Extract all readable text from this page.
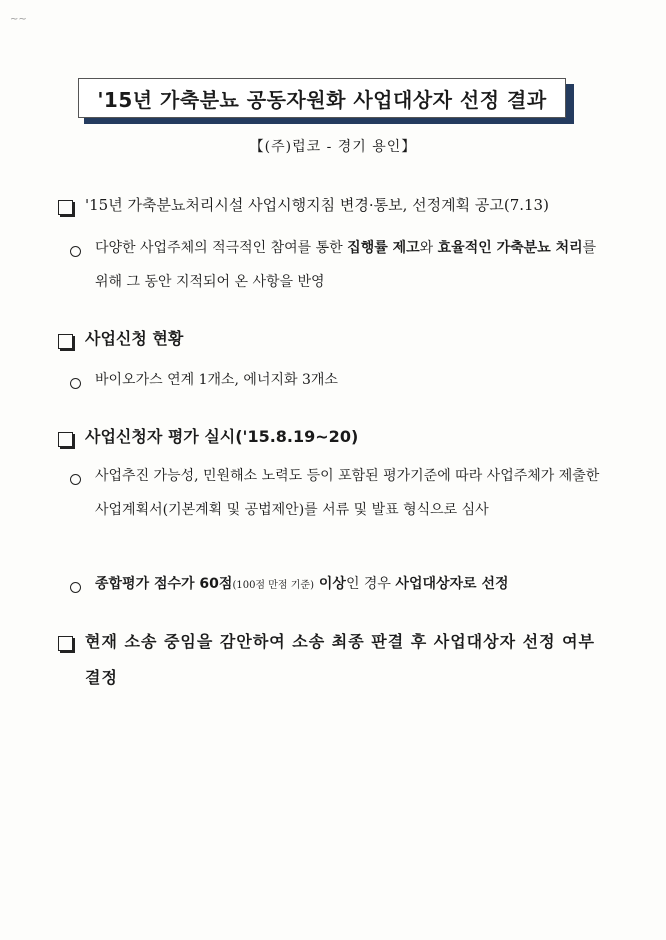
~~
'15년 가축분뇨 공동자원화 사업대상자 선정 결과
【(주)럽코 - 경기 용인】
'15년 가축분뇨처리시설 사업시행지침 변경·통보, 선정계획 공고(7.13)
다양한 사업주체의 적극적인 참여를 통한 집행률 제고와 효율적인 가축분뇨 처리를 위해 그 동안 지적되어 온 사항을 반영
사업신청 현황
바이오가스 연계 1개소, 에너지화 3개소
사업신청자 평가 실시('15.8.19~20)
사업추진 가능성, 민원해소 노력도 등이 포함된 평가기준에 따라 사업주체가 제출한 사업계획서(기본계획 및 공법제안)를 서류 및 발표 형식으로 심사
종합평가 점수가 60점(100점 만점 기준) 이상인 경우 사업대상자로 선정
현재 소송 중임을 감안하여 소송 최종 판결 후 사업대상자 선정 여부 결정
